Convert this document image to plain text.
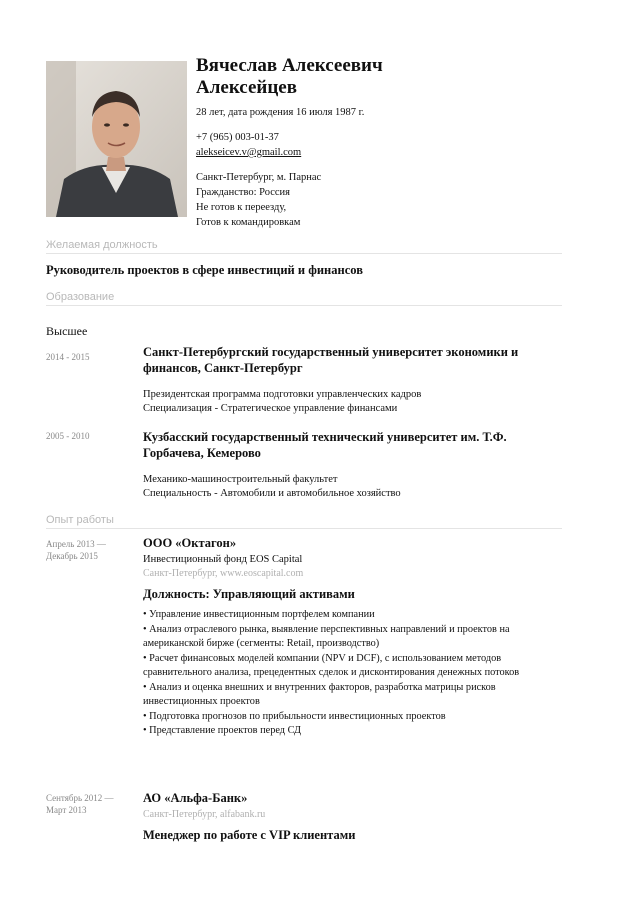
Вячеслав Алексеевич
Алексейцев
28 лет, дата рождения 16 июля 1987 г.
+7 (965) 003-01-37
alekseicev.v@gmail.com
Санкт-Петербург, м. Парнас
Гражданство: Россия
Не готов к переезду,
Готов к командировкам
Желаемая должность
Руководитель проектов в сфере инвестиций и финансов
Образование
Высшее
2014 - 2015	Санкт-Петербургский государственный университет экономики и
финансов, Санкт-Петербург
Президентская программа подготовки управленческих кадров
Специализация - Стратегическое управление финансами
2005 - 2010	Кузбасский государственный технический университет им. Т.Ф.
Горбачева, Кемерово
Механико-машиностроительный факультет
Специальность - Автомобили и автомобильное хозяйство
Опыт работы
Апрель 2013 —
Декабрь 2015
ООО «Октагон»
Инвестиционный фонд EOS Capital
Санкт-Петербург, www.eoscapital.com
Должность: Управляющий активами
• Управление инвестиционным портфелем компании
• Анализ отраслевого рынка, выявление перспективных направлений и проектов на
американской бирже (сегменты: Retail, производство)
• Расчет финансовых моделей компании (NPV и DCF), с использованием методов
сравнительного анализа, прецедентных сделок и дисконтирования денежных потоков
• Анализ и оценка внешних и внутренних факторов, разработка матрицы рисков
инвестиционных проектов
• Подготовка прогнозов по прибыльности инвестиционных проектов
• Представление проектов перед СД
Сентябрь 2012 —
Март 2013
АО «Альфа-Банк»
Санкт-Петербург, alfabank.ru
Менеджер по работе с VIP клиентами
